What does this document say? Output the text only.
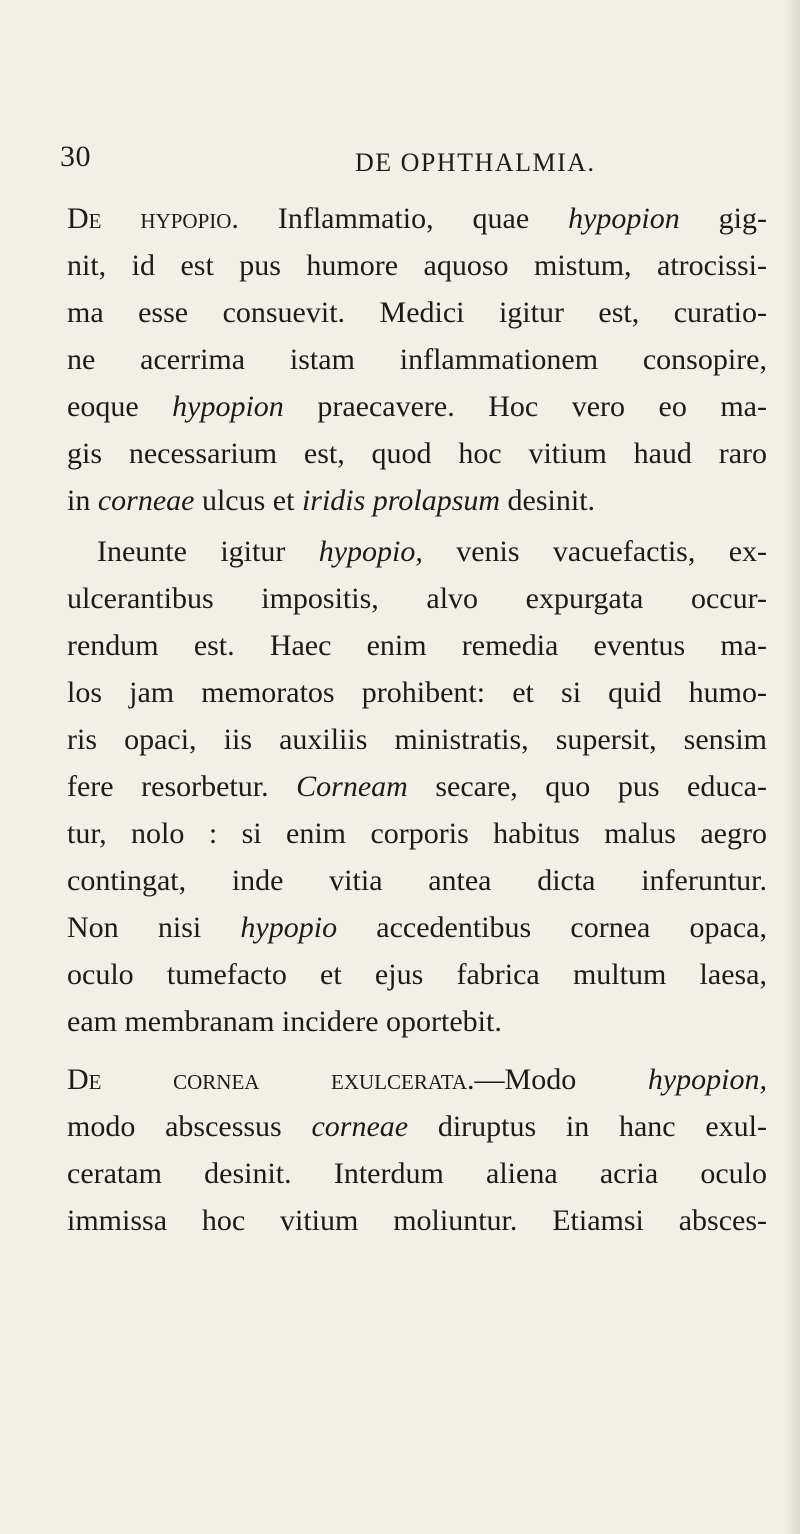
30	DE OPHTHALMIA.
De hypopio. Inflammatio, quae hypopion gig-
nit, id est pus humore aquoso mistum, atrocissi-
ma esse consuevit. Medici igitur est, curatio-
ne acerrima istam inflammationem consopire,
eoque hypopion praecavere. Hoc vero eo ma-
gis necessarium est, quod hoc vitium haud raro
in corneae ulcus et iridis prolapsum desinit.
Ineunte igitur hypopio, venis vacuefactis, ex-
ulcerantibus impositis, alvo expurgata occur-
rendum est. Haec enim remedia eventus ma-
los jam memoratos prohibent: et si quid humo-
ris opaci, iis auxiliis ministratis, supersit, sensim
fere resorbetur. Corneam secare, quo pus educa-
tur, nolo : si enim corporis habitus malus aegro
contingat, inde vitia antea dicta inferuntur.
Non nisi hypopio accedentibus cornea opaca,
oculo tumefacto et ejus fabrica multum laesa,
eam membranam incidere oportebit.
De cornea exulcerata.—Modo hypopion,
modo abscessus corneae diruptus in hanc exul-
ceratam desinit. Interdum aliena acria oculo
immissa hoc vitium moliuntur. Etiamsi absces-
